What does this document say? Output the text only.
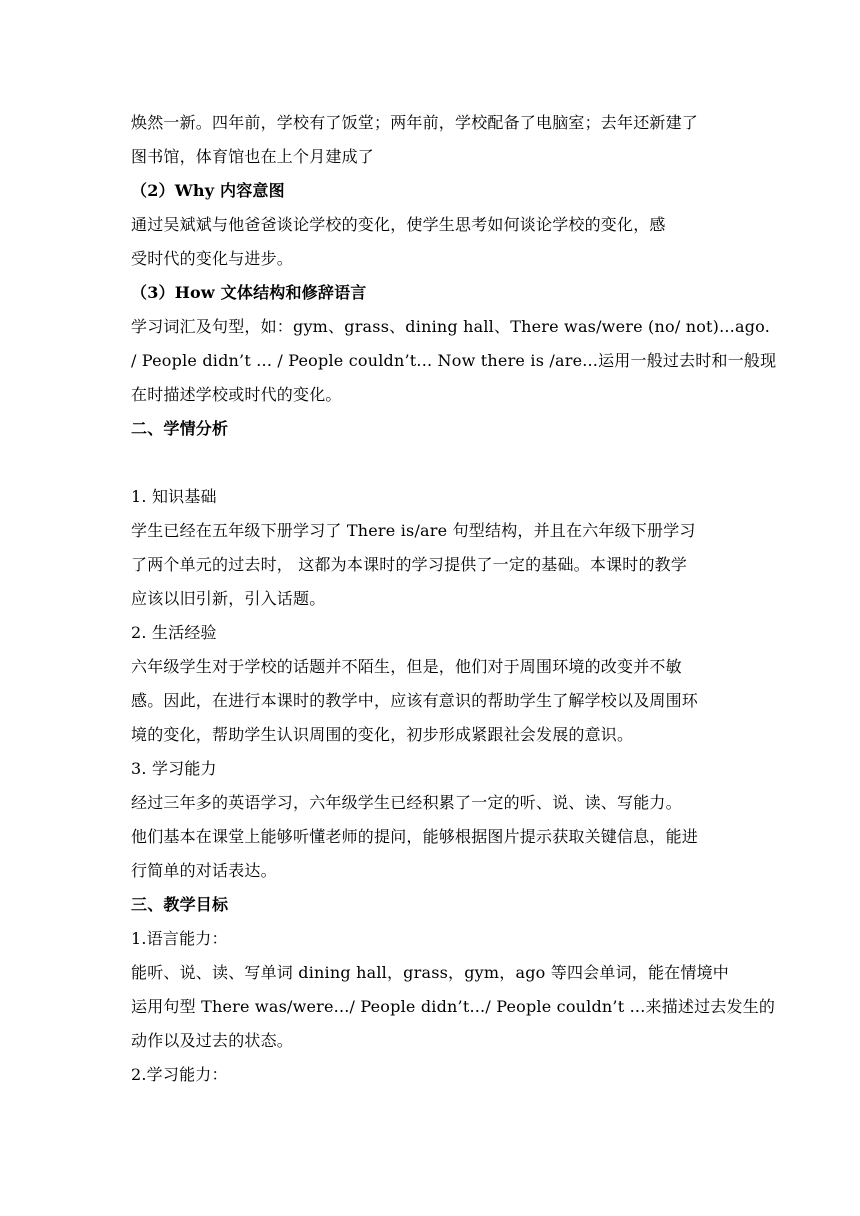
焕然一新。四年前，学校有了饭堂；两年前，学校配备了电脑室；去年还新建了
图书馆，体育馆也在上个月建成了
（2）Why 内容意图
通过吴斌斌与他爸爸谈论学校的变化，使学生思考如何谈论学校的变化，感
受时代的变化与进步。
（3）How 文体结构和修辞语言
学习词汇及句型，如：gym、grass、dining hall、There was/were (no/ not)...ago.
/ People didn’t ... / People couldn’t... Now there is /are...运用一般过去时和一般现
在时描述学校或时代的变化。
二、学情分析
1. 知识基础
学生已经在五年级下册学习了 There is/are 句型结构，并且在六年级下册学习
了两个单元的过去时， 这都为本课时的学习提供了一定的基础。本课时的教学
应该以旧引新，引入话题。
2. 生活经验
六年级学生对于学校的话题并不陌生，但是，他们对于周围环境的改变并不敏
感。因此，在进行本课时的教学中，应该有意识的帮助学生了解学校以及周围环
境的变化，帮助学生认识周围的变化，初步形成紧跟社会发展的意识。
3. 学习能力
经过三年多的英语学习，六年级学生已经积累了一定的听、说、读、写能力。
他们基本在课堂上能够听懂老师的提问，能够根据图片提示获取关键信息，能进
行简单的对话表达。
三、教学目标
1.语言能力：
能听、说、读、写单词 dining hall，grass，gym，ago 等四会单词，能在情境中
运用句型 There was/were.../ People didn’t.../ People couldn’t ...来描述过去发生的
动作以及过去的状态。
2.学习能力：
